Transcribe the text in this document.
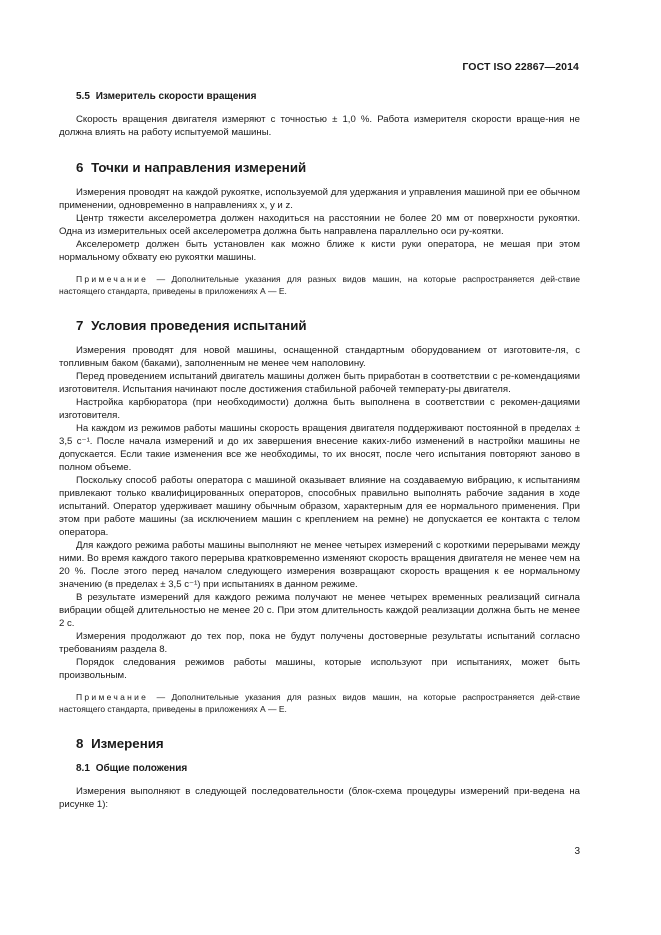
ГОСТ ISO 22867—2014
5.5 Измеритель скорости вращения

Скорость вращения двигателя измеряют с точностью ± 1,0 %. Работа измерителя скорости враще-ния не должна влиять на работу испытуемой машины.

6 Точки и направления измерений

Измерения проводят на каждой рукоятке, используемой для удержания и управления машиной при ее обычном применении, одновременно в направлениях x, y и z.

Центр тяжести акселерометра должен находиться на расстоянии не более 20 мм от поверхности рукоятки. Одна из измерительных осей акселерометра должна быть направлена параллельно оси ру-коятки.

Акселерометр должен быть установлен как можно ближе к кисти руки оператора, не мешая при этом нормальному обхвату ею рукоятки машины.

Примечание — Дополнительные указания для разных видов машин, на которые распространяется дей-ствие настоящего стандарта, приведены в приложениях А — Е.

7 Условия проведения испытаний

Измерения проводят для новой машины, оснащенной стандартным оборудованием от изготовите-ля, с топливным баком (баками), заполненным не менее чем наполовину.

Перед проведением испытаний двигатель машины должен быть приработан в соответствии с ре-комендациями изготовителя. Испытания начинают после достижения стабильной рабочей температу-ры двигателя.

Настройка карбюратора (при необходимости) должна быть выполнена в соответствии с рекомен-дациями изготовителя.

На каждом из режимов работы машины скорость вращения двигателя поддерживают постоянной в пределах ± 3,5 с⁻¹. После начала измерений и до их завершения внесение каких-либо изменений в настройки машины не допускается. Если такие изменения все же необходимы, то их вносят, после чего испытания повторяют заново в полном объеме.

Поскольку способ работы оператора с машиной оказывает влияние на создаваемую вибрацию, к испытаниям привлекают только квалифицированных операторов, способных правильно выполнять рабочие задания в ходе испытаний. Оператор удерживает машину обычным образом, характерным для ее нормального применения. При этом при работе машины (за исключением машин с креплением на ремне) не допускается ее контакта с телом оператора.

Для каждого режима работы машины выполняют не менее четырех измерений с короткими перерывами между ними. Во время каждого такого перерыва кратковременно изменяют скорость вращения двигателя не менее чем на 20 %. После этого перед началом следующего измерения возвращают скорость вращения к ее нормальному значению (в пределах ± 3,5 с⁻¹) при испытаниях в данном режиме.

В результате измерений для каждого режима получают не менее четырех временных реализаций сигнала вибрации общей длительностью не менее 20 с. При этом длительность каждой реализации должна быть не менее 2 с.

Измерения продолжают до тех пор, пока не будут получены достоверные результаты испытаний согласно требованиям раздела 8.

Порядок следования режимов работы машины, которые используют при испытаниях, может быть произвольным.

Примечание — Дополнительные указания для разных видов машин, на которые распространяется дей-ствие настоящего стандарта, приведены в приложениях А — Е.

8 Измерения
8.1 Общие положения

Измерения выполняют в следующей последовательности (блок-схема процедуры измерений при-ведена на рисунке 1):

3
